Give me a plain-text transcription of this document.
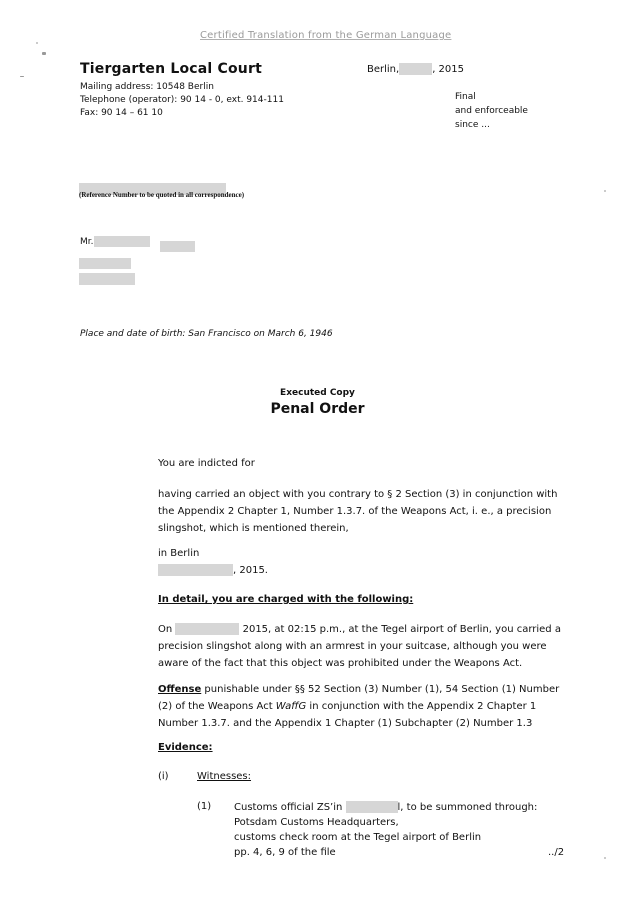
Certified Translation from the German Language
Tiergarten Local Court
Mailing address: 10548 Berlin
Telephone (operator): 90 14 - 0, ext. 914-111
Fax: 90 14 – 61 10
Berlin,	, 2015
Final
and enforceable
since ...
(Reference Number to be quoted in all correspondence)
Mr.
Place and date of birth: San Francisco on March 6, 1946
Executed Copy
Penal Order
You are indicted for
having carried an object with you contrary to § 2 Section (3) in conjunction with
the Appendix 2 Chapter 1, Number 1.3.7. of the Weapons Act, i. e., a precision
slingshot, which is mentioned therein,
in Berlin
, 2015.
In detail, you are charged with the following:
On	2015, at 02:15 p.m., at the Tegel airport of Berlin, you carried a
precision slingshot along with an armrest in your suitcase, although you were
aware of the fact that this object was prohibited under the Weapons Act.
Offense punishable under §§ 52 Section (3) Number (1), 54 Section (1) Number
(2) of the Weapons Act WaffG in conjunction with the Appendix 2 Chapter 1
Number 1.3.7. and the Appendix 1 Chapter (1) Subchapter (2) Number 1.3
Evidence:
(i)	Witnesses:
(1) Customs official ZS’in	l, to be summoned through:
Potsdam Customs Headquarters,
customs check room at the Tegel airport of Berlin
pp. 4, 6, 9 of the file	../2
